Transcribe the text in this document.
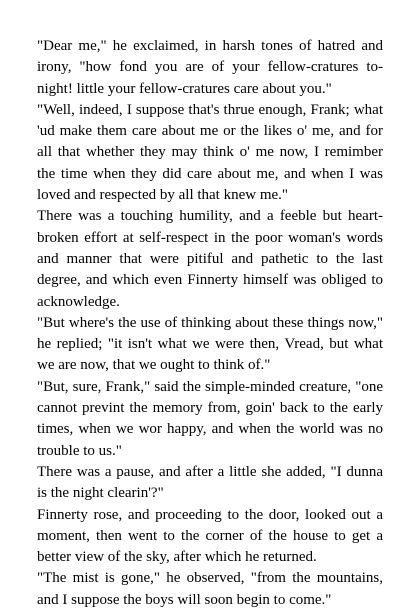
"Dear me," he exclaimed, in harsh tones of hatred and irony, "how fond you are of your fellow-cratures to-night! little your fellow-cratures care about you."

"Well, indeed, I suppose that's thrue enough, Frank; what 'ud make them care about me or the likes o' me, and for all that whether they may think o' me now, I remimber the time when they did care about me, and when I was loved and respected by all that knew me."

There was a touching humility, and a feeble but heart-broken effort at self-respect in the poor woman's words and manner that were pitiful and pathetic to the last degree, and which even Finnerty himself was obliged to acknowledge.

"But where's the use of thinking about these things now," he replied; "it isn't what we were then, Vread, but what we are now, that we ought to think of."

"But, sure, Frank," said the simple-minded creature, "one cannot prevint the memory from, goin' back to the early times, when we wor happy, and when the world was no trouble to us."

There was a pause, and after a little she added, "I dunna is the night clearin'?"

Finnerty rose, and proceeding to the door, looked out a moment, then went to the corner of the house to get a better view of the sky, after which he returned.

"The mist is gone," he observed, "from the mountains, and I suppose the boys will soon begin to come."
